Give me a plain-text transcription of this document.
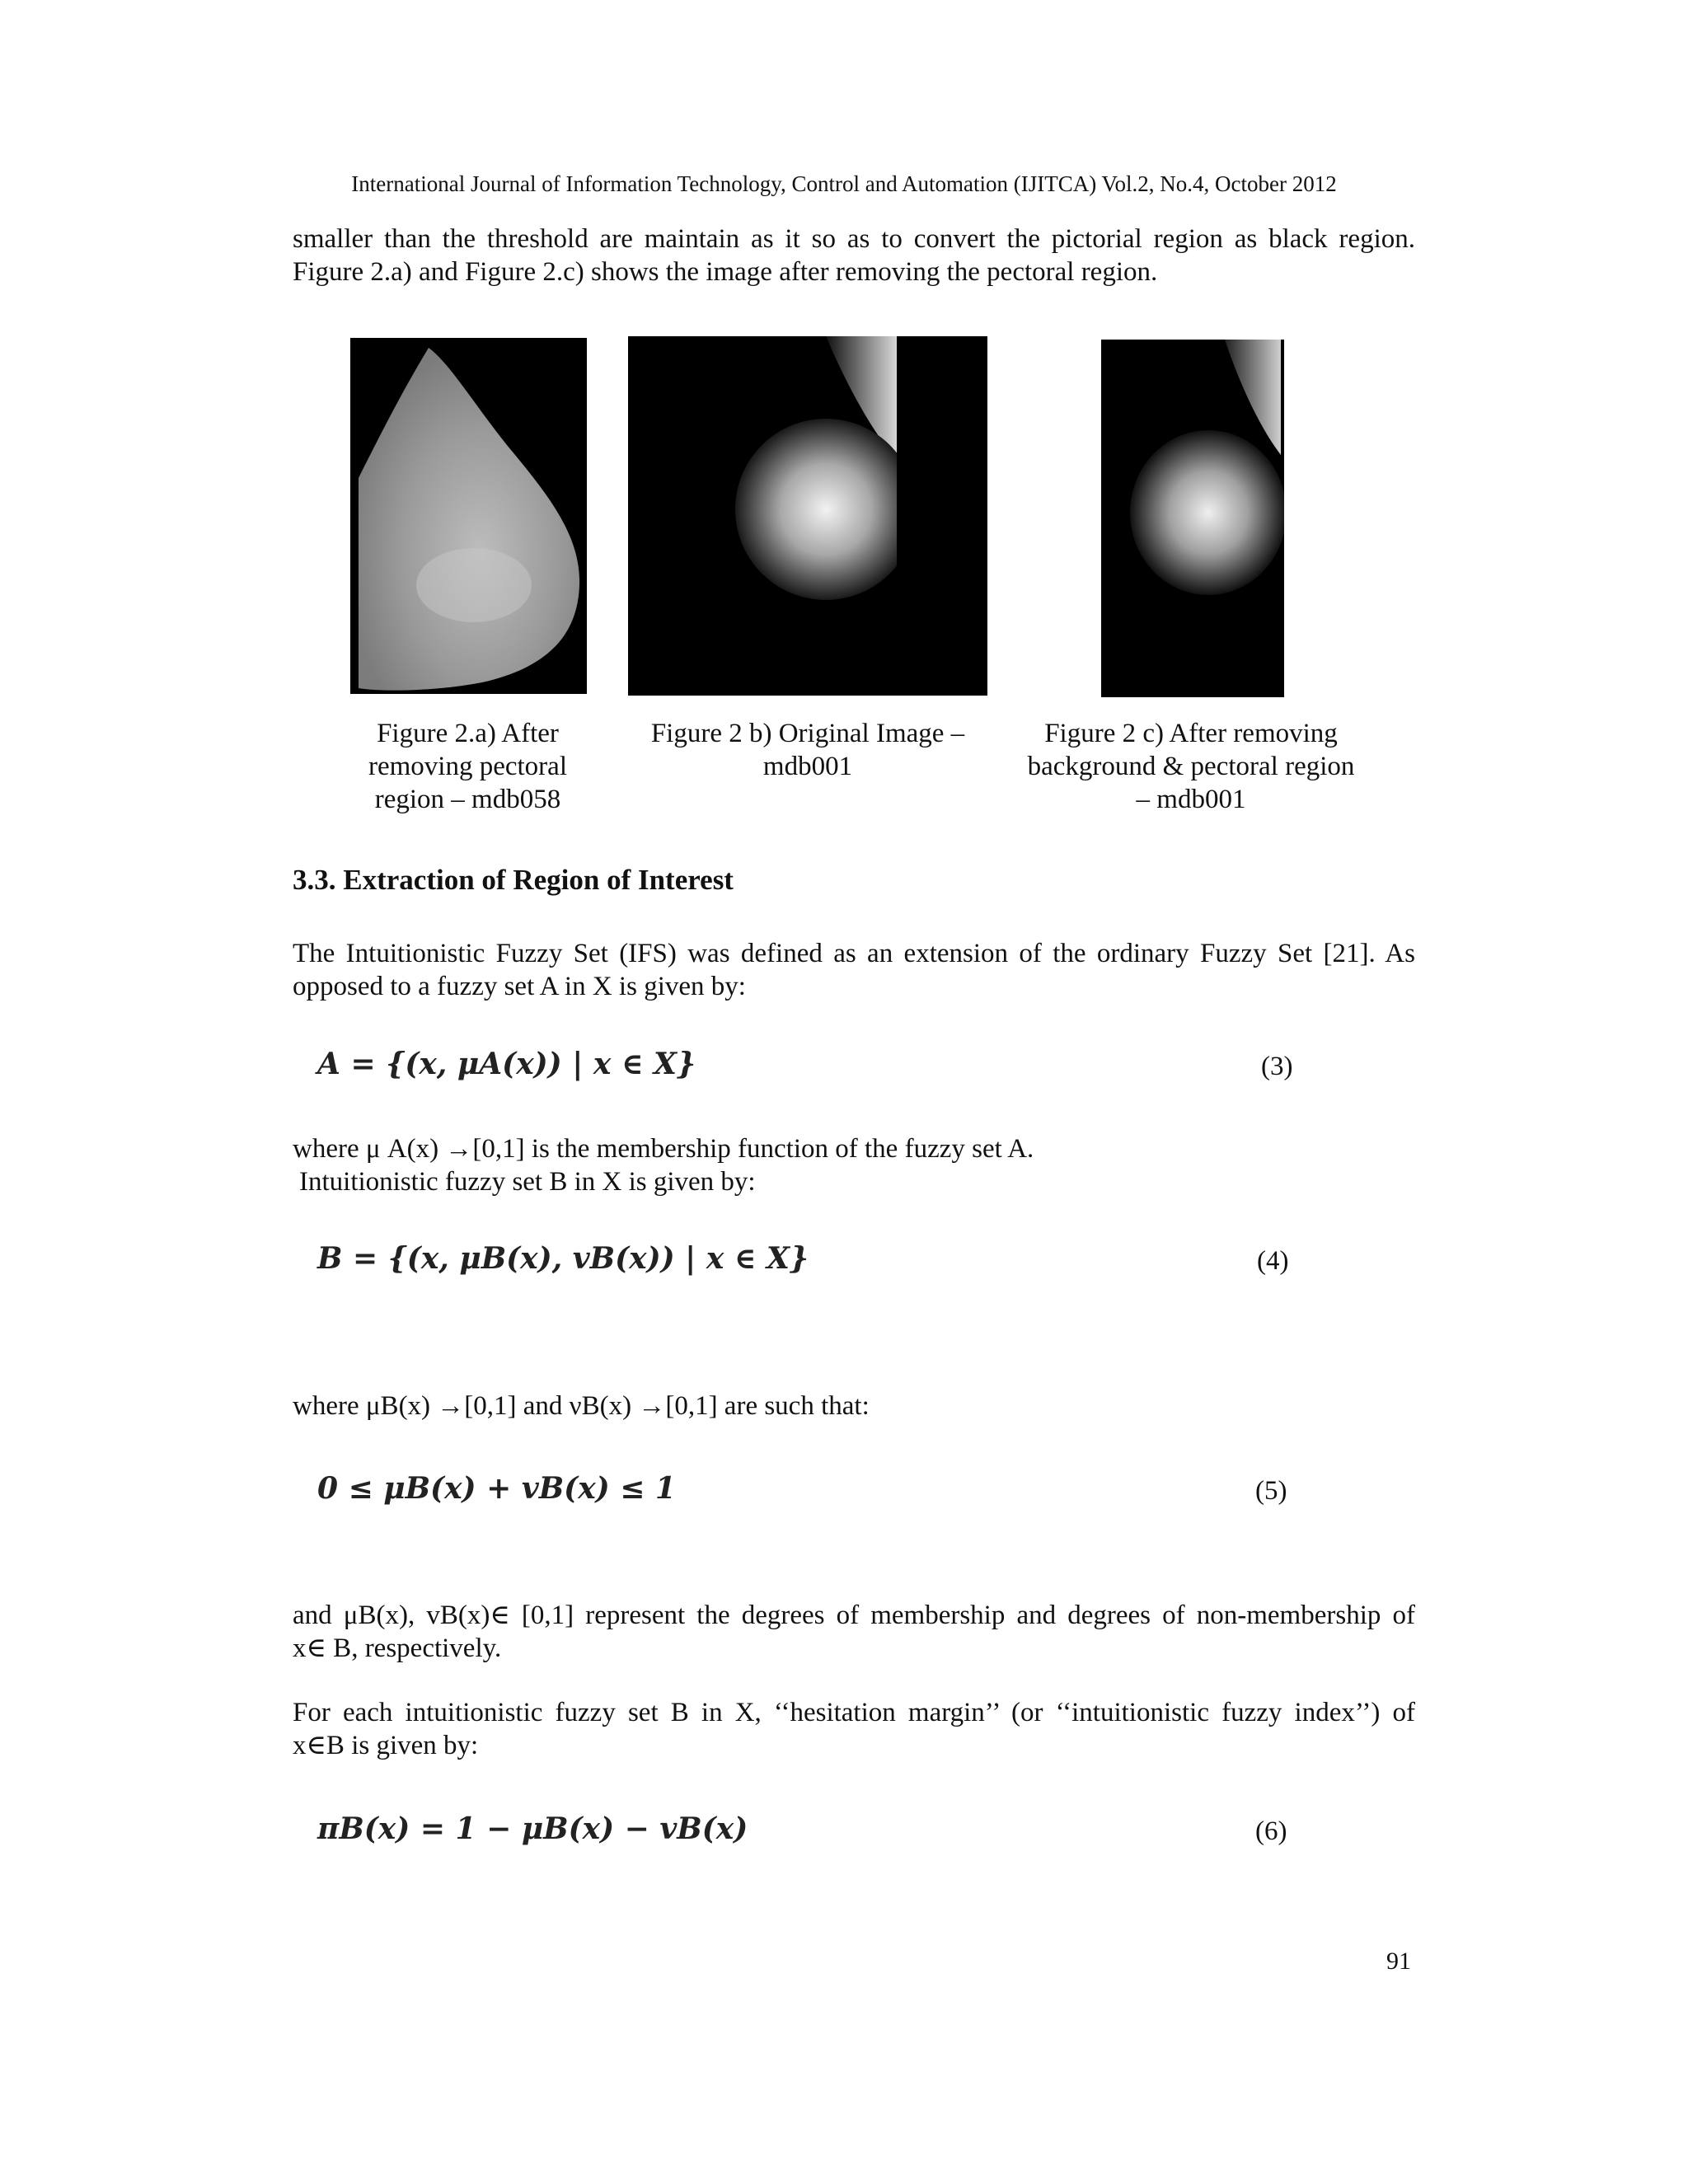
International Journal of Information Technology, Control and Automation (IJITCA) Vol.2, No.4, October 2012
smaller than the threshold are maintain as it so as to convert the pictorial region as black region.
Figure 2.a) and Figure 2.c) shows the image after removing the pectoral region.
Figure 2.a) After
removing pectoral
region – mdb058
Figure 2 b) Original Image –
mdb001
Figure 2 c) After removing
background & pectoral region
– mdb001
3.3. Extraction of Region of Interest
The Intuitionistic Fuzzy Set (IFS) was defined as an extension of the ordinary Fuzzy Set [21]. As
opposed to a fuzzy set A in X is given by:
A = {(x, μA(x)) | x ∈ X}	(3)
where μ A(x) →[0,1] is the membership function of the fuzzy set A.
Intuitionistic fuzzy set B in X is given by:
B = {(x, μB(x), vB(x)) | x ∈ X}	(4)
where μB(x) →[0,1] and νB(x) →[0,1] are such that:
0 ≤ μB(x) + vB(x) ≤ 1	(5)
and μB(x), vB(x)∈ [0,1] represent the degrees of membership and degrees of non-membership of
x∈ B, respectively.
For each intuitionistic fuzzy set B in X, ‘‘hesitation margin’’ (or ‘‘intuitionistic fuzzy index’’) of
x∈B is given by:
πB(x) = 1 − μB(x) − vB(x)	(6)
91
